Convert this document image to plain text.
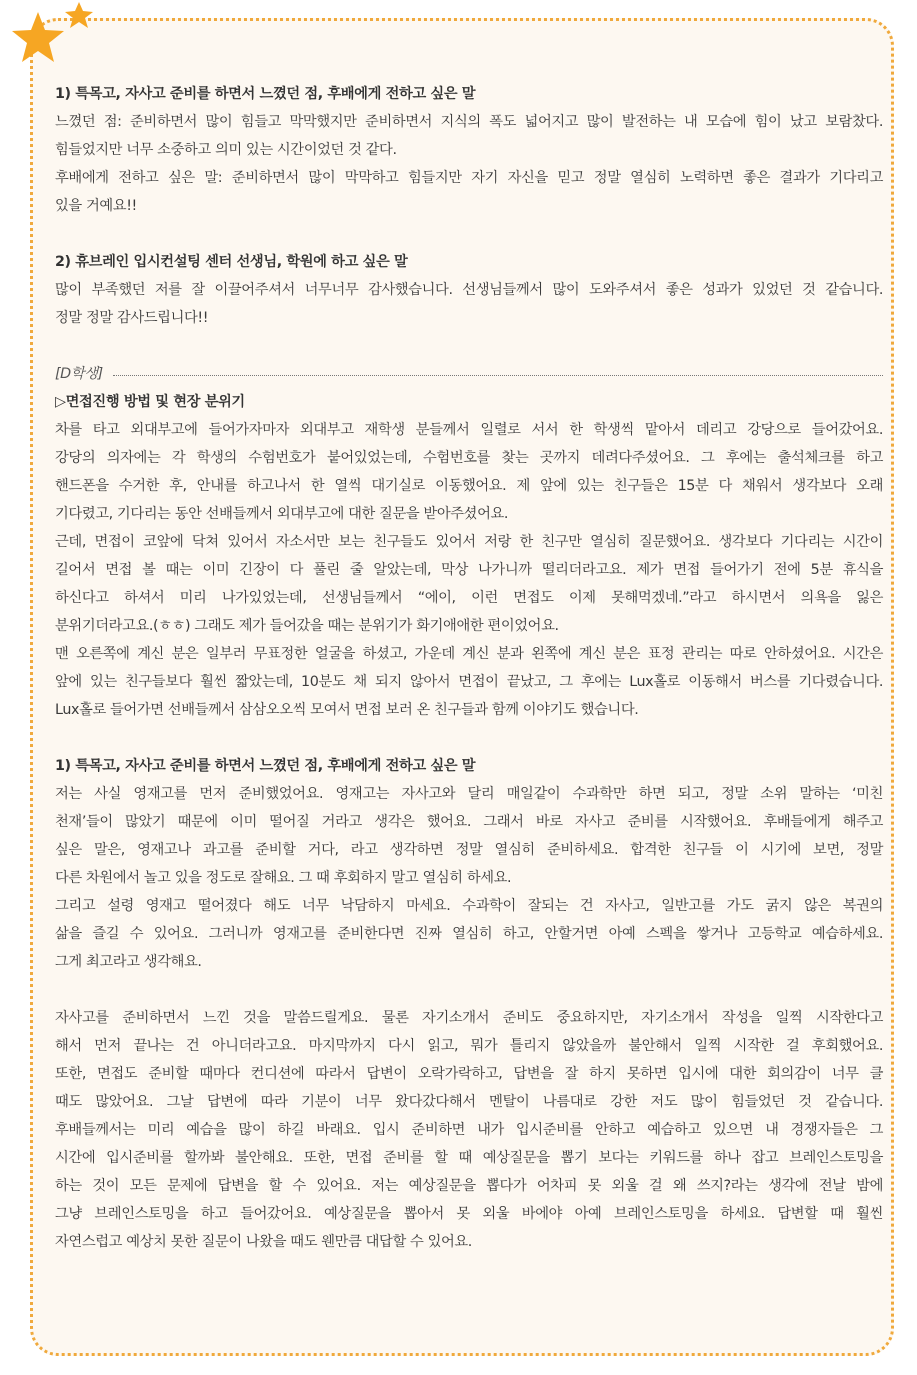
1) 특목고, 자사고 준비를 하면서 느꼈던 점, 후배에게 전하고 싶은 말

느꼈던 점: 준비하면서 많이 힘들고 막막했지만 준비하면서 지식의 폭도 넓어지고 많이 발전하는 내 모습에 힘이 났고 보람찼다.

힘들었지만 너무 소중하고 의미 있는 시간이었던 것 같다.

후배에게 전하고 싶은 말: 준비하면서 많이 막막하고 힘들지만 자기 자신을 믿고 정말 열심히 노력하면 좋은 결과가 기다리고

있을 거예요!!

2) 휴브레인 입시컨설팅 센터 선생님, 학원에 하고 싶은 말

많이 부족했던 저를 잘 이끌어주셔서 너무너무 감사했습니다. 선생님들께서 많이 도와주셔서 좋은 성과가 있었던 것 같습니다.

정말 정말 감사드립니다!!

[D학생]

▷면접진행 방법 및 현장 분위기

차를 타고 외대부고에 들어가자마자 외대부고 재학생 분들께서 일렬로 서서 한 학생씩 맡아서 데리고 강당으로 들어갔어요.

강당의 의자에는 각 학생의 수험번호가 붙어있었는데, 수험번호를 찾는 곳까지 데려다주셨어요. 그 후에는 출석체크를 하고

핸드폰을 수거한 후, 안내를 하고나서 한 열씩 대기실로 이동했어요. 제 앞에 있는 친구들은 15분 다 채워서 생각보다 오래

기다렸고, 기다리는 동안 선배들께서 외대부고에 대한 질문을 받아주셨어요.

근데, 면접이 코앞에 닥쳐 있어서 자소서만 보는 친구들도 있어서 저랑 한 친구만 열심히 질문했어요. 생각보다 기다리는 시간이

길어서 면접 볼 때는 이미 긴장이 다 풀린 줄 알았는데, 막상 나가니까 떨리더라고요. 제가 면접 들어가기 전에 5분 휴식을

하신다고 하셔서 미리 나가있었는데, 선생님들께서 “에이, 이런 면접도 이제 못해먹겠네.”라고 하시면서 의욕을 잃은

분위기더라고요.(ㅎㅎ) 그래도 제가 들어갔을 때는 분위기가 화기애애한 편이었어요.

맨 오른쪽에 계신 분은 일부러 무표정한 얼굴을 하셨고, 가운데 계신 분과 왼쪽에 계신 분은 표정 관리는 따로 안하셨어요. 시간은

앞에 있는 친구들보다 훨씬 짧았는데, 10분도 채 되지 않아서 면접이 끝났고, 그 후에는 Lux홀로 이동해서 버스를 기다렸습니다.

Lux홀로 들어가면 선배들께서 삼삼오오씩 모여서 면접 보러 온 친구들과 함께 이야기도 했습니다.

1) 특목고, 자사고 준비를 하면서 느꼈던 점, 후배에게 전하고 싶은 말

저는 사실 영재고를 먼저 준비했었어요. 영재고는 자사고와 달리 매일같이 수과학만 하면 되고, 정말 소위 말하는 ‘미친

천재’들이 많았기 때문에 이미 떨어질 거라고 생각은 했어요. 그래서 바로 자사고 준비를 시작했어요. 후배들에게 해주고

싶은 말은, 영재고나 과고를 준비할 거다, 라고 생각하면 정말 열심히 준비하세요. 합격한 친구들 이 시기에 보면, 정말

다른 차원에서 놀고 있을 정도로 잘해요. 그 때 후회하지 말고 열심히 하세요.

그리고 설령 영재고 떨어졌다 해도 너무 낙담하지 마세요. 수과학이 잘되는 건 자사고, 일반고를 가도 굵지 않은 복권의

삶을 즐길 수 있어요. 그러니까 영재고를 준비한다면 진짜 열심히 하고, 안할거면 아예 스펙을 쌓거나 고등학교 예습하세요.

그게 최고라고 생각해요.

자사고를 준비하면서 느낀 것을 말씀드릴게요. 물론 자기소개서 준비도 중요하지만, 자기소개서 작성을 일찍 시작한다고

해서 먼저 끝나는 건 아니더라고요. 마지막까지 다시 읽고, 뭐가 틀리지 않았을까 불안해서 일찍 시작한 걸 후회했어요.

또한, 면접도 준비할 때마다 컨디션에 따라서 답변이 오락가락하고, 답변을 잘 하지 못하면 입시에 대한 회의감이 너무 클

때도 많았어요. 그날 답변에 따라 기분이 너무 왔다갔다해서 멘탈이 나름대로 강한 저도 많이 힘들었던 것 같습니다.

후배들께서는 미리 예습을 많이 하길 바래요. 입시 준비하면 내가 입시준비를 안하고 예습하고 있으면 내 경쟁자들은 그

시간에 입시준비를 할까봐 불안해요. 또한, 면접 준비를 할 때 예상질문을 뽑기 보다는 키워드를 하나 잡고 브레인스토밍을

하는 것이 모든 문제에 답변을 할 수 있어요. 저는 예상질문을 뽑다가 어차피 못 외울 걸 왜 쓰지?라는 생각에 전날 밤에

그냥 브레인스토밍을 하고 들어갔어요. 예상질문을 뽑아서 못 외울 바에야 아예 브레인스토밍을 하세요. 답변할 때 훨씬

자연스럽고 예상치 못한 질문이 나왔을 때도 웬만큼 대답할 수 있어요.
